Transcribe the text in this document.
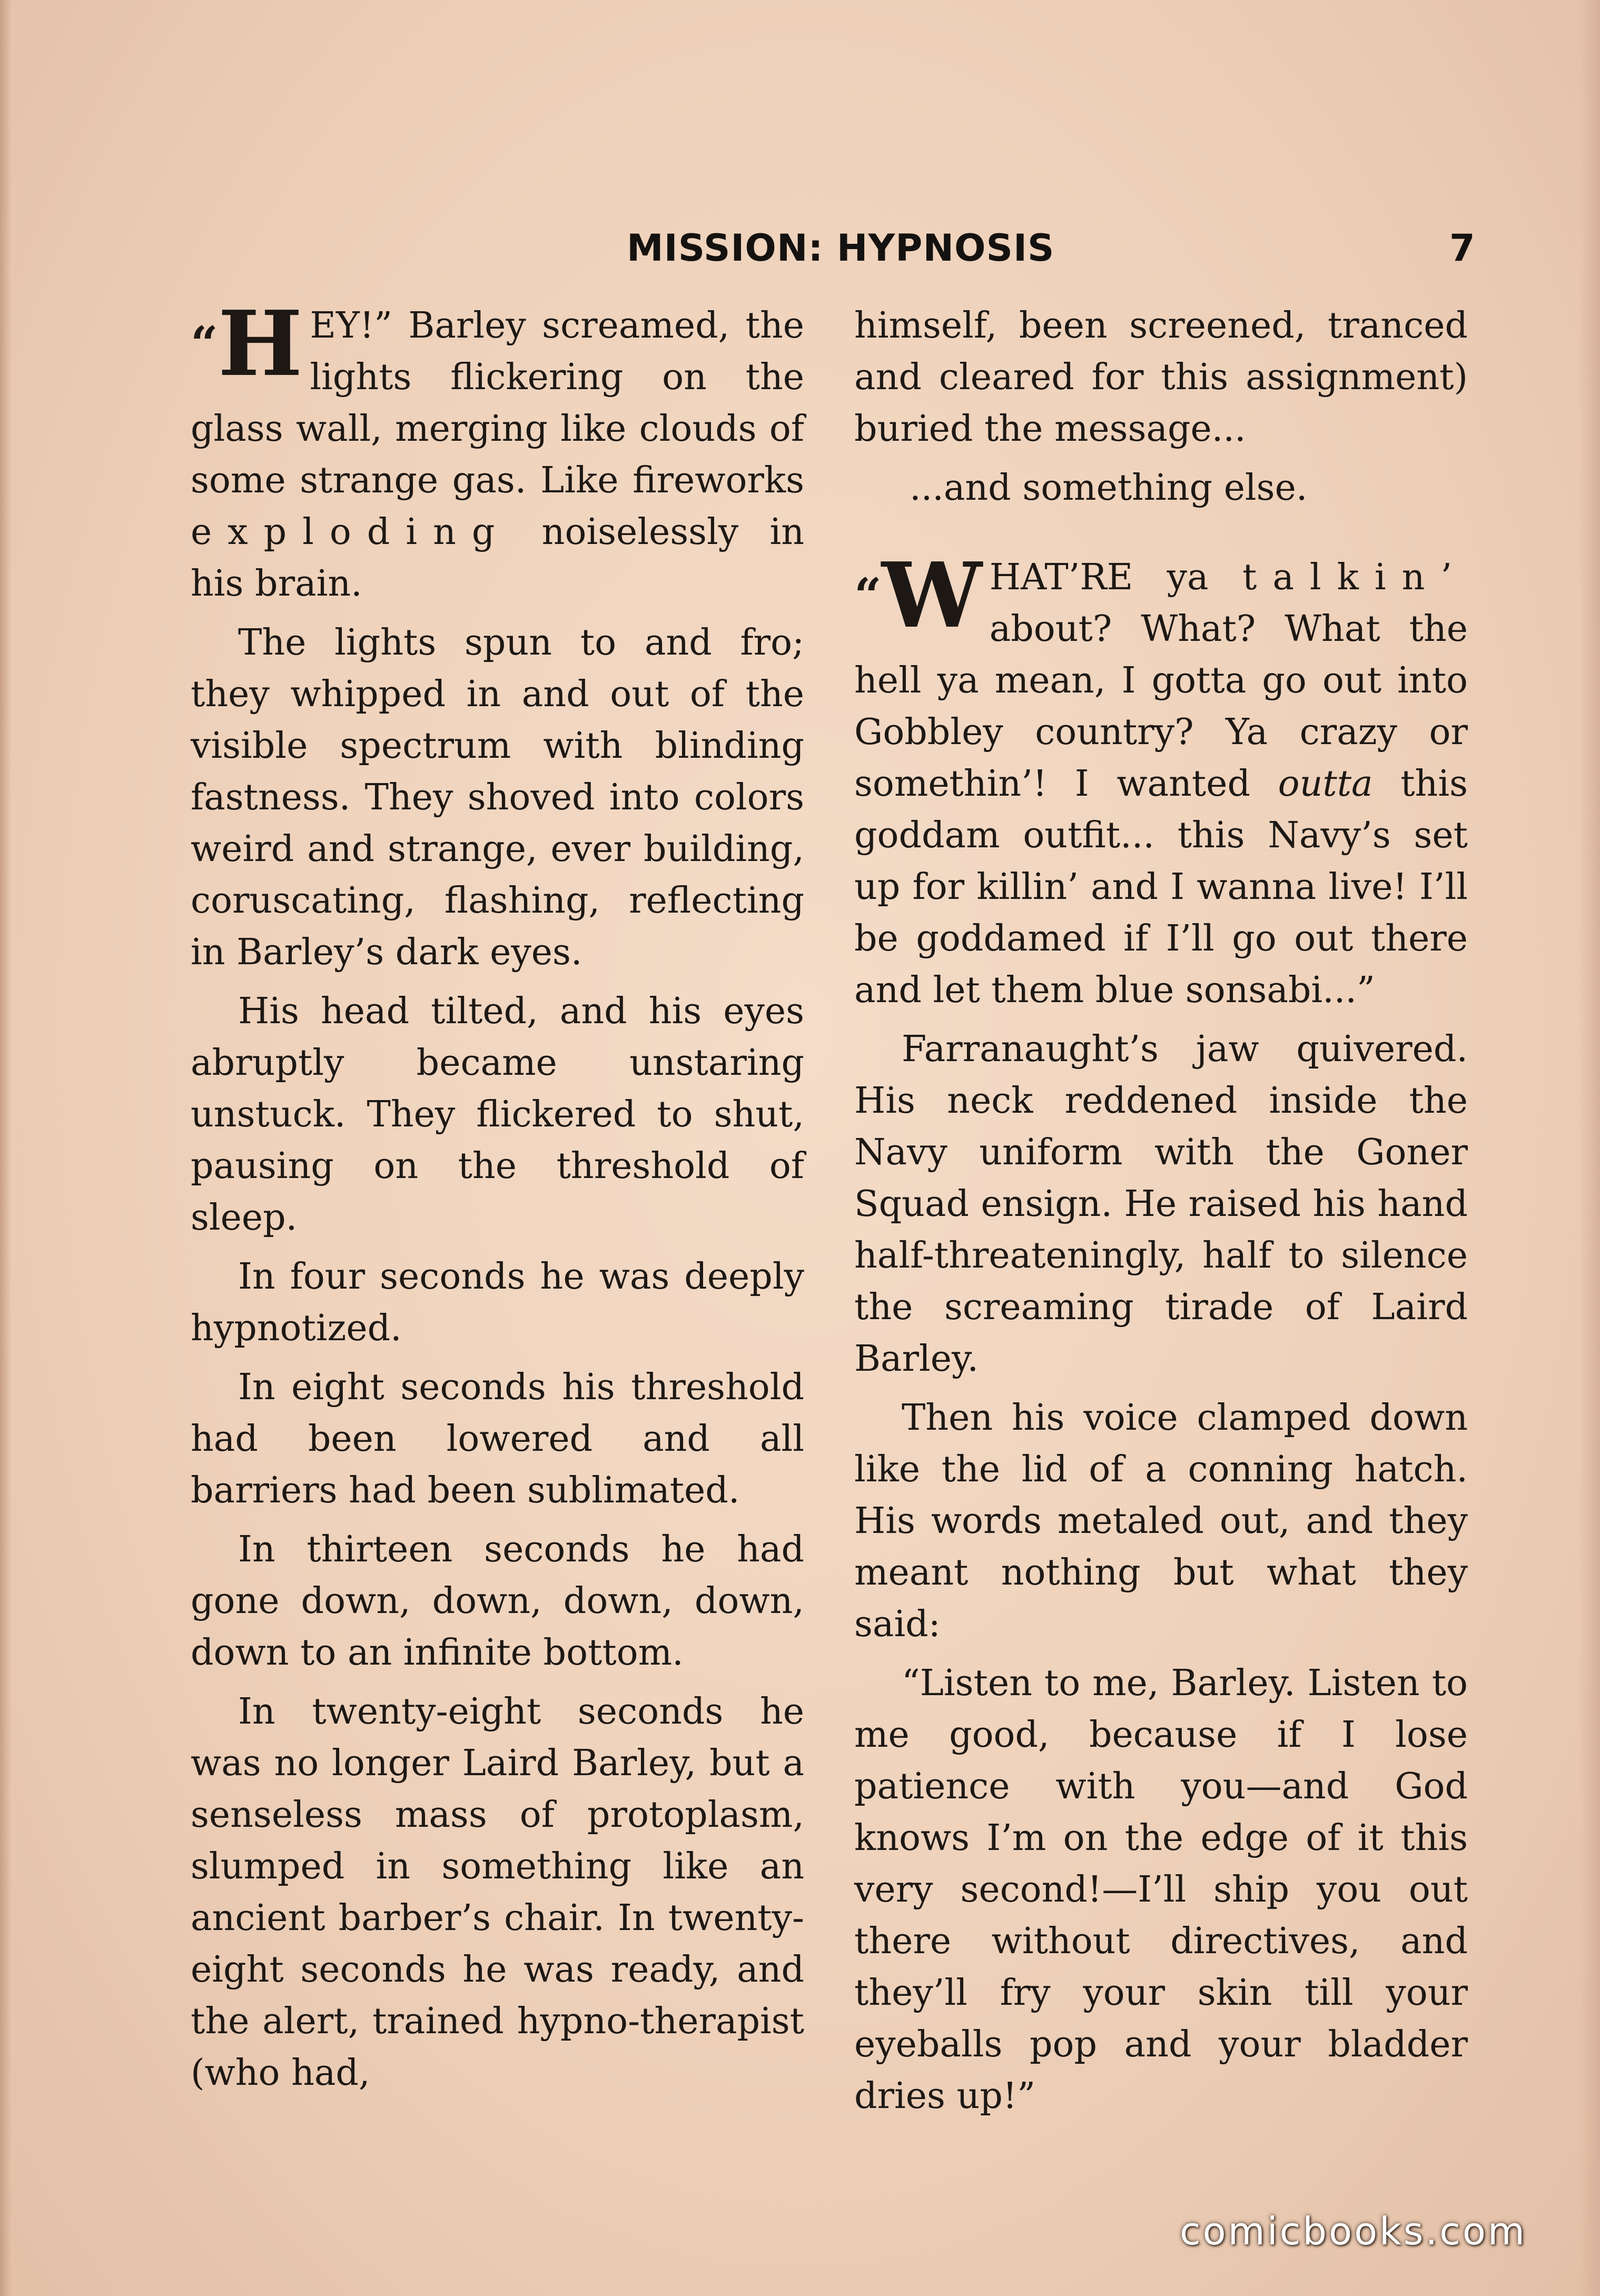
MISSION: HYPNOSIS	7

“H EY!” Barley screamed, the lights flickering on the glass wall, merging like clouds of some strange gas. Like fireworks exploding noiselessly in his brain.

The lights spun to and fro; they whipped in and out of the visible spectrum with blinding fastness. They shoved into colors weird and strange, ever building, coruscating, flashing, reflecting in Barley’s dark eyes.

His head tilted, and his eyes abruptly became unstaring unstuck. They flickered to shut, pausing on the threshold of sleep.

In four seconds he was deeply hypnotized.

In eight seconds his threshold had been lowered and all barriers had been sublimated.

In thirteen seconds he had gone down, down, down, down, down to an infinite bottom.

In twenty-eight seconds he was no longer Laird Barley, but a senseless mass of protoplasm, slumped in something like an ancient barber’s chair. In twenty-eight seconds he was ready, and the alert, trained hypno-therapist (who had,

himself, been screened, tranced and cleared for this assignment) buried the message...

...and something else.

“W HAT’RE ya talkin’ about? What? What the hell ya mean, I gotta go out into Gobbley country? Ya crazy or somethin’! I wanted outta this goddam outfit... this Navy’s set up for killin’ and I wanna live! I’ll be goddamed if I’ll go out there and let them blue sonsabi...”

Farranaught’s jaw quivered. His neck reddened inside the Navy uniform with the Goner Squad ensign. He raised his hand half-threateningly, half to silence the screaming tirade of Laird Barley.

Then his voice clamped down like the lid of a conning hatch. His words metaled out, and they meant nothing but what they said:

“Listen to me, Barley. Listen to me good, because if I lose patience with you—and God knows I’m on the edge of it this very second!—I’ll ship you out there without directives, and they’ll fry your skin till your eyeballs pop and your bladder dries up!”

comicbooks.com
